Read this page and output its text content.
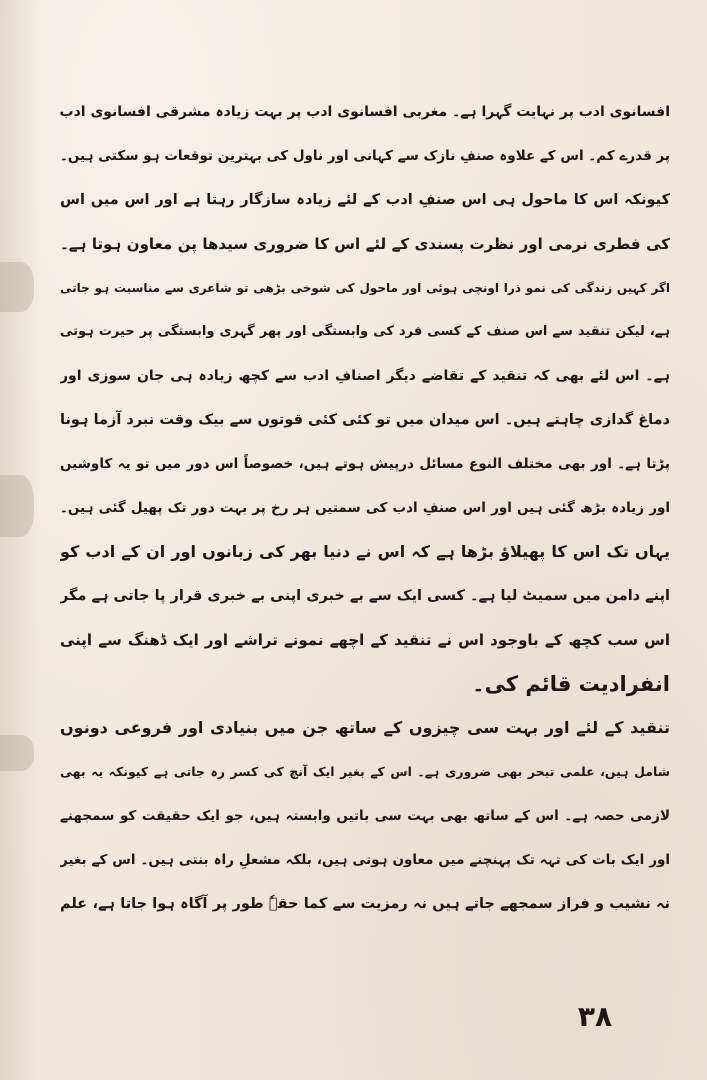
افسانوی ادب پر نہایت گہرا ہے۔ مغربی افسانوی ادب پر بہت زیادہ مشرقی افسانوی ادب
پر قدرے کم۔ اس کے علاوہ صنفِ نازک سے کہانی اور ناول کی بہترین توقعات ہو سکتی ہیں۔
کیونکہ اس کا ماحول ہی اس صنفِ ادب کے لئے زیادہ سازگار رہتا ہے اور اس میں اس
کی فطری نرمی اور نظرت پسندی کے لئے اس کا ضروری سیدھا پن معاون ہوتا ہے۔
اگر کہیں زندگی کی نمو ذرا اونچی ہوئی اور ماحول کی شوخی بڑھی تو شاعری سے مناسبت ہو جاتی
ہے، لیکن تنقید سے اس صنف کے کسی فرد کی وابستگی اور پھر گہری وابستگی پر حیرت ہوتی
ہے۔ اس لئے بھی کہ تنقید کے تقاضے دیگر اصنافِ ادب سے کچھ زیادہ ہی جان سوزی اور
دماغ گدازی چاہتے ہیں۔ اس میدان میں تو کئی کئی قوتوں سے بیک وقت نبرد آزما ہونا
پڑتا ہے۔ اور بھی مختلف النوع مسائل درپیش ہوتے ہیں، خصوصاً اس دور میں تو یہ کاوشیں
اور زیادہ بڑھ گئی ہیں اور اس صنفِ ادب کی سمتیں ہر رخ پر بہت دور تک پھیل گئی ہیں۔
یہاں تک اس کا پھیلاؤ بڑھا ہے کہ اس نے دنیا بھر کی زبانوں اور ان کے ادب کو
اپنے دامن میں سمیٹ لیا ہے۔ کسی ایک سے بے خبری اپنی بے خبری قرار پا جاتی ہے مگر
اس سب کچھ کے باوجود اس نے تنقید کے اچھے نمونے تراشے اور ایک ڈھنگ سے اپنی
انفرادیت قائم کی۔
تنقید کے لئے اور بہت سی چیزوں کے ساتھ جن میں بنیادی اور فروعی دونوں
شامل ہیں، علمی تبحر بھی ضروری ہے۔ اس کے بغیر ایک آنچ کی کسر رہ جاتی ہے کیونکہ یہ بھی
لازمی حصہ ہے۔ اس کے ساتھ بھی بہت سی باتیں وابستہ ہیں، جو ایک حقیقت کو سمجھنے
اور ایک بات کی تہہ تک پہنچنے میں معاون ہوتی ہیں، بلکہ مشعلِ راہ بنتی ہیں۔ اس کے بغیر
نہ نشیب و فراز سمجھے جاتے ہیں نہ رمزیت سے کما حقہٗ طور پر آگاہ ہوا جاتا ہے، علم
۳۸
